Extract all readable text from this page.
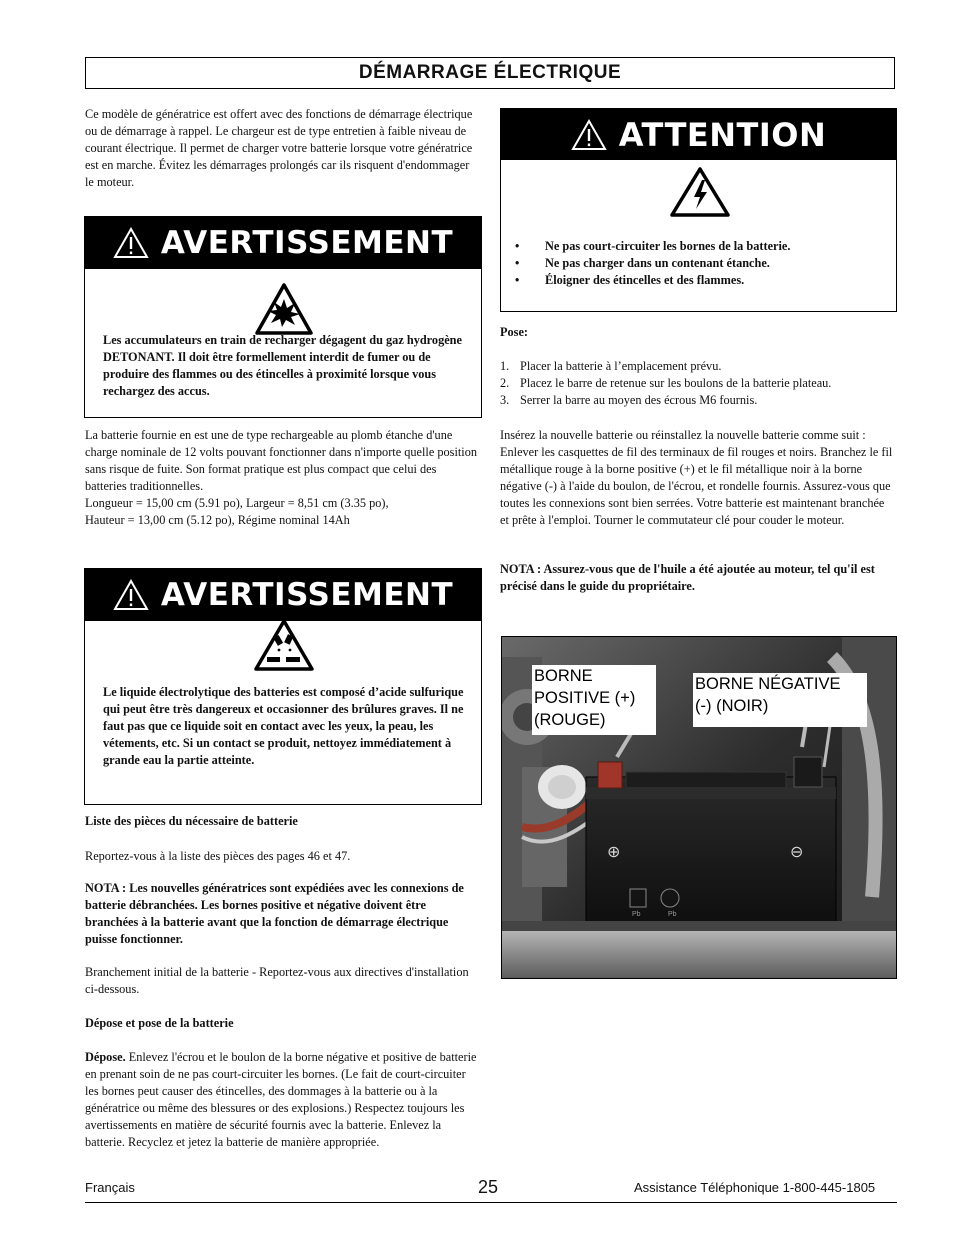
DÉMARRAGE ÉLECTRIQUE

Ce modèle de génératrice est offert avec des fonctions de démarrage électrique ou de démarrage à rappel. Le chargeur est de type entretien à faible niveau de courant électrique. Il permet de charger votre batterie lorsque votre génératrice est en marche. Évitez les démarrages prolongés car ils risquent d'endommager le moteur.

AVERTISSEMENT

Les accumulateurs en train de recharger dégagent du gaz hydrogène DETONANT. Il doit être formellement interdit de fumer ou de produire des flammes ou des étincelles à proximité lorsque vous rechargez des accus.

La batterie fournie en est une de type rechargeable au plomb étanche d'une charge nominale de 12 volts pouvant fonctionner dans n'importe quelle position sans risque de fuite. Son format pratique est plus compact que celui des batteries traditionnelles.

Longueur = 15,00 cm (5.91 po), Largeur = 8,51 cm (3.35 po),

Hauteur = 13,00 cm (5.12 po), Régime nominal 14Ah

AVERTISSEMENT

Le liquide électrolytique des batteries est composé d’acide sulfurique qui peut être très dangereux et occasionner des brûlures graves. Il ne faut pas que ce liquide soit en contact avec les yeux, la peau, les vétements, etc. Si un contact se produit, nettoyez immédiatement à grande eau la partie atteinte.

Liste des pièces du nécessaire de batterie

Reportez-vous à la liste des pièces des pages 46 et 47.

NOTA : Les nouvelles génératrices sont expédiées avec les connexions de batterie débranchées. Les bornes positive et négative doivent être branchées à la batterie avant que la fonction de démarrage électrique puisse fonctionner.

Branchement initial de la batterie - Reportez-vous aux directives d'installation ci-dessous.

Dépose et pose de la batterie

Dépose. Enlevez l'écrou et le boulon de la borne négative et positive de batterie en prenant soin de ne pas court-circuiter les bornes. (Le fait de court-circuiter les bornes peut causer des étincelles, des dommages à la batterie ou à la génératrice ou même des blessures or des explosions.) Respectez toujours les avertissements en matière de sécurité fournis avec la batterie. Enlevez la batterie. Recyclez et jetez la batterie de manière appropriée.

ATTENTION
•	Ne pas court-circuiter les bornes de la batterie.
•	Ne pas charger dans un contenant étanche.
•	Éloigner des étincelles et des flammes.

Pose:

1. Placer la batterie à l’emplacement prévu.
2. Placez le barre de retenue sur les boulons de la batterie plateau.
3. Serrer la barre au moyen des écrous M6 fournis.

Insérez la nouvelle batterie ou réinstallez la nouvelle batterie comme suit : Enlever les casquettes de fil des terminaux de fil rouges et noirs. Branchez le fil métallique rouge à la borne positive (+) et le fil métallique noir à la borne négative (-) à l'aide du boulon, de l'écrou, et rondelle fournis. Assurez-vous que toutes les connexions sont bien serrées. Votre batterie est maintenant branchée et prête à l'emploi. Tourner le commutateur clé pour couder le moteur.

NOTA : Assurez-vous que de l'huile a été ajoutée au moteur, tel qu'il est précisé dans le guide du propriétaire.

⊕	⊖
Pb	Pb
BORNE
POSITIVE (+)
(ROUGE)
BORNE NÉGATIVE
(-) (NOIR)
Français	25	Assistance Téléphonique 1-800-445-1805
